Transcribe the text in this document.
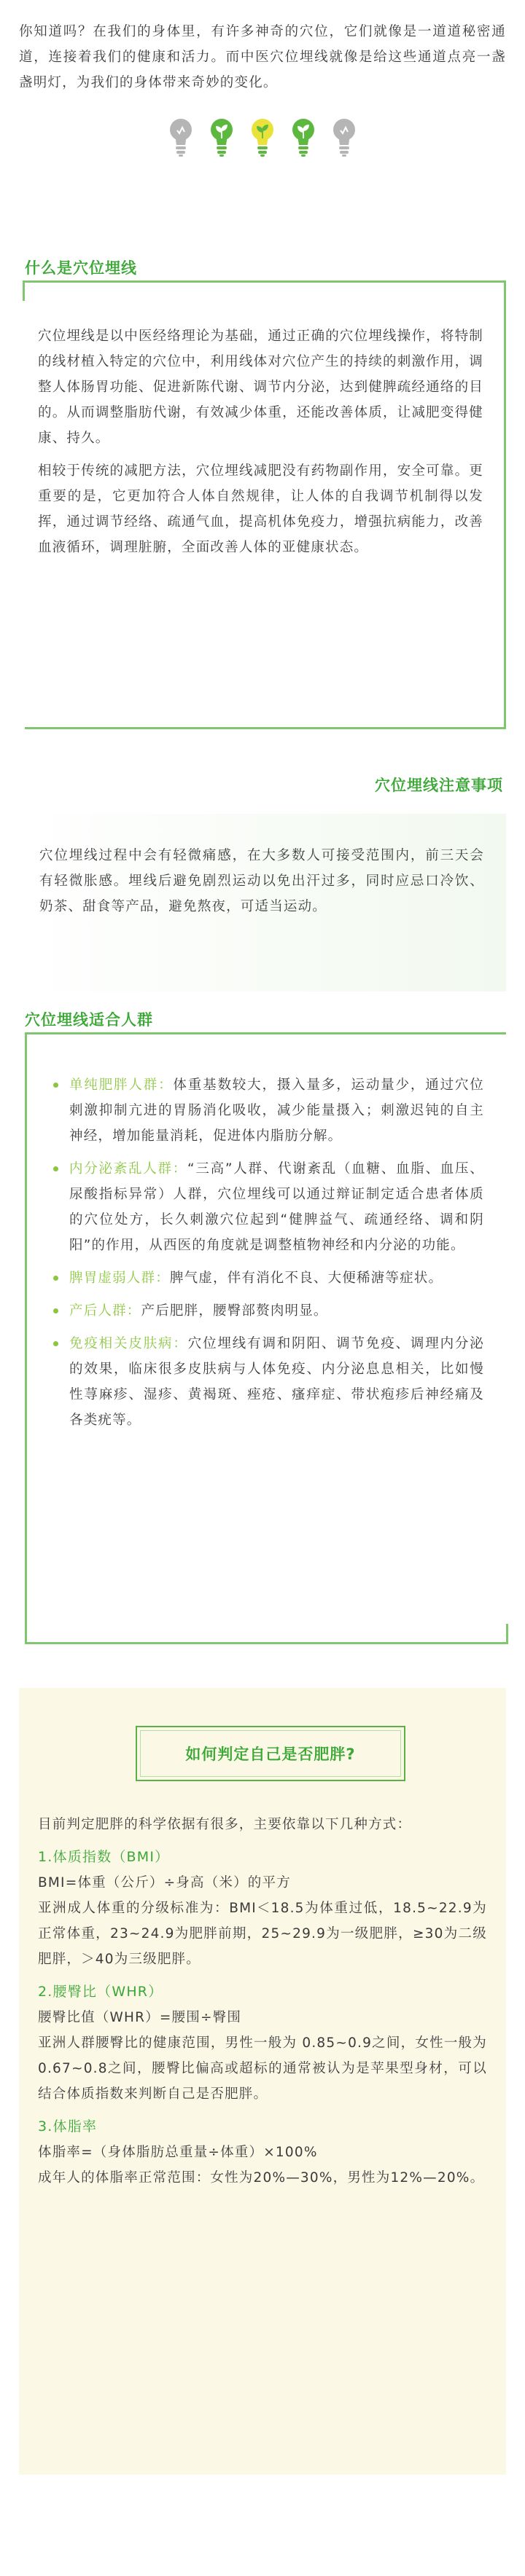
你知道吗？在我们的身体里，有许多神奇的穴位，它们就像是一道道秘密通道，连接着我们的健康和活力。而中医穴位埋线就像是给这些通道点亮一盏盏明灯，为我们的身体带来奇妙的变化。

什么是穴位埋线

穴位埋线是以中医经络理论为基础，通过正确的穴位埋线操作，将特制的线材植入特定的穴位中，利用线体对穴位产生的持续的刺激作用，调整人体肠胃功能、促进新陈代谢、调节内分泌，达到健脾疏经通络的目的。从而调整脂肪代谢，有效减少体重，还能改善体质，让减肥变得健康、持久。

相较于传统的减肥方法，穴位埋线减肥没有药物副作用，安全可靠。更重要的是，它更加符合人体自然规律，让人体的自我调节机制得以发挥，通过调节经络、疏通气血，提高机体免疫力，增强抗病能力，改善血液循环，调理脏腑，全面改善人体的亚健康状态。

穴位埋线注意事项

穴位埋线过程中会有轻微痛感，在大多数人可接受范围内，前三天会有轻微胀感。埋线后避免剧烈运动以免出汗过多，同时应忌口冷饮、奶茶、甜食等产品，避免熬夜，可适当运动。

穴位埋线适合人群
单纯肥胖人群：体重基数较大，摄入量多，运动量少，通过穴位刺激抑制亢进的胃肠消化吸收，减少能量摄入；刺激迟钝的自主神经，增加能量消耗，促进体内脂肪分解。
内分泌紊乱人群：“三高”人群、代谢紊乱（血糖、血脂、血压、尿酸指标异常）人群，穴位埋线可以通过辩证制定适合患者体质的穴位处方，长久刺激穴位起到“健脾益气、疏通经络、调和阴阳”的作用，从西医的角度就是调整植物神经和内分泌的功能。
脾胃虚弱人群：脾气虚，伴有消化不良、大便稀溏等症状。
产后人群：产后肥胖，腰臀部赘肉明显。
免疫相关皮肤病：穴位埋线有调和阴阳、调节免疫、调理内分泌的效果，临床很多皮肤病与人体免疫、内分泌息息相关，比如慢性荨麻疹、湿疹、黄褐斑、痤疮、瘙痒症、带状疱疹后神经痛及各类疣等。
如何判定自己是否肥胖?

目前判定肥胖的科学依据有很多，主要依靠以下几种方式：

1.体质指数（BMI）

BMI=体重（公斤）÷身高（米）的平方

亚洲成人体重的分级标准为：BMI＜18.5为体重过低，18.5~22.9为正常体重，23~24.9为肥胖前期，25~29.9为一级肥胖，≥30为二级肥胖，＞40为三级肥胖。

2.腰臀比（WHR）

腰臀比值（WHR）=腰围÷臀围

亚洲人群腰臀比的健康范围，男性一般为 0.85~0.9之间，女性一般为 0.67~0.8之间，腰臀比偏高或超标的通常被认为是苹果型身材，可以结合体质指数来判断自己是否肥胖。

3.体脂率

体脂率=（身体脂肪总重量÷体重）×100%

成年人的体脂率正常范围：女性为20%—30%，男性为12%—20%。
